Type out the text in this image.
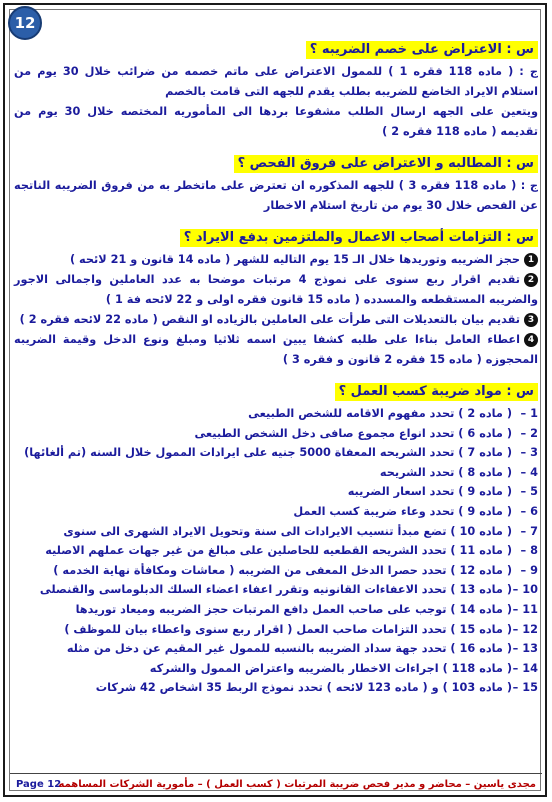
12
س : الاعتراض على خصم الضريبه ؟

ج : ( ماده 118 فقره 1 ) للممول الاعتراض على ماتم خصمه من ضرائب خلال 30 يوم من استلام الايراد الخاضع للضريبه بطلب يقدم للجهه التى قامت بالخصم

ويتعين على الجهه ارسال الطلب مشفوعا بردها الى المأموريه المختصه خلال 30 يوم من تقديمه ( ماده 118 فقره 2 )

س : المطالبه و الاعتراض على فروق الفحص ؟

ج : ( ماده 118 فقره 3 ) للجهه المذكوره ان تعترض على ماتخطر به من فروق الضريبه الناتجه عن الفحص خلال 30 يوم من تاريخ استلام الاخطار

س : التزامات أصحاب الاعمال والملتزمين بدفع الايراد ؟

1حجز الضريبه وتوريدها خلال الـ 15 يوم التاليه للشهر ( ماده 14 قانون و 21 لائحه )

2تقديم اقرار ربع سنوى على نموذج 4 مرتبات موضحا به عدد العاملين واجمالى الاجور والضريبه المستقطعه والمسدده ( ماده 15 قانون فقره اولى و 22 لائحه فة 1 )

3تقديم بيان بالتعديلات التى طرأت على العاملين بالزياده او النقص ( ماده 22 لائحه فقره 2 )

4اعطاء العامل بناءا على طلبه كشفا يبين اسمه ثلاثيا ومبلغ ونوع الدخل وقيمة الضريبه المحجوزه ( ماده 15 فقره 2 قانون و فقره 3 )

س : مواد ضريبة كسب العمل ؟
1 –( ماده 2 ) تحدد مفهوم الاقامه للشخص الطبيعى
2 –( ماده 6 ) تحدد انواع مجموع صافى دخل الشخص الطبيعى
3 –( ماده 7 ) تحدد الشريحه المعفاة 5000 جنيه على ايرادات الممول خلال السنه (تم ألغائها)
4 –( ماده 8 ) تحدد الشريحه
5 –( ماده 9 ) تحدد اسعار الضريبه
6 –( ماده 9 ) تحدد وعاء ضريبة كسب العمل
7 –( ماده 10 ) تضع مبدأ تنسيب الايرادات الى سنة وتحويل الايراد الشهرى الى سنوى
8 –( ماده 11 ) تحدد الشريحه القطعيه للحاصلين على مبالغ من غير جهات عملهم الاصليه
9 –( ماده 12 ) تحدد حصرا الدخل المعفى من الضريبه ( معاشات ومكافأة نهاية الخدمه )
10 –( ماده 13 ) تحدد الاعفاءات القانونيه وتقرر اعفاء اعضاء السلك الدبلوماسى والقنصلى
11 –( ماده 14 ) توجب على صاحب العمل دافع المرتبات حجز الضريبه وميعاد توريدها
12 –( ماده 15 ) تحدد التزامات صاحب العمل ( اقرار ربع سنوى واعطاء بيان للموظف )
13 –( ماده 16 ) تحدد جهة سداد الضريبه بالنسبه للممول غير المقيم عن دخل من مثله
14 –( ماده 118 ) اجراءات الاخطار بالضريبه واعتراض الممول والشركه
15 –( ماده 103 ) و ( ماده 123 لائحه ) تحدد نموذج الربط 35 اشخاص 42 شركات
Page 12
مجدى ياسين – محاضر و مدير فحص ضريبة المرتبات ( كسب العمل ) – مأمورية الشركات المساهمه
